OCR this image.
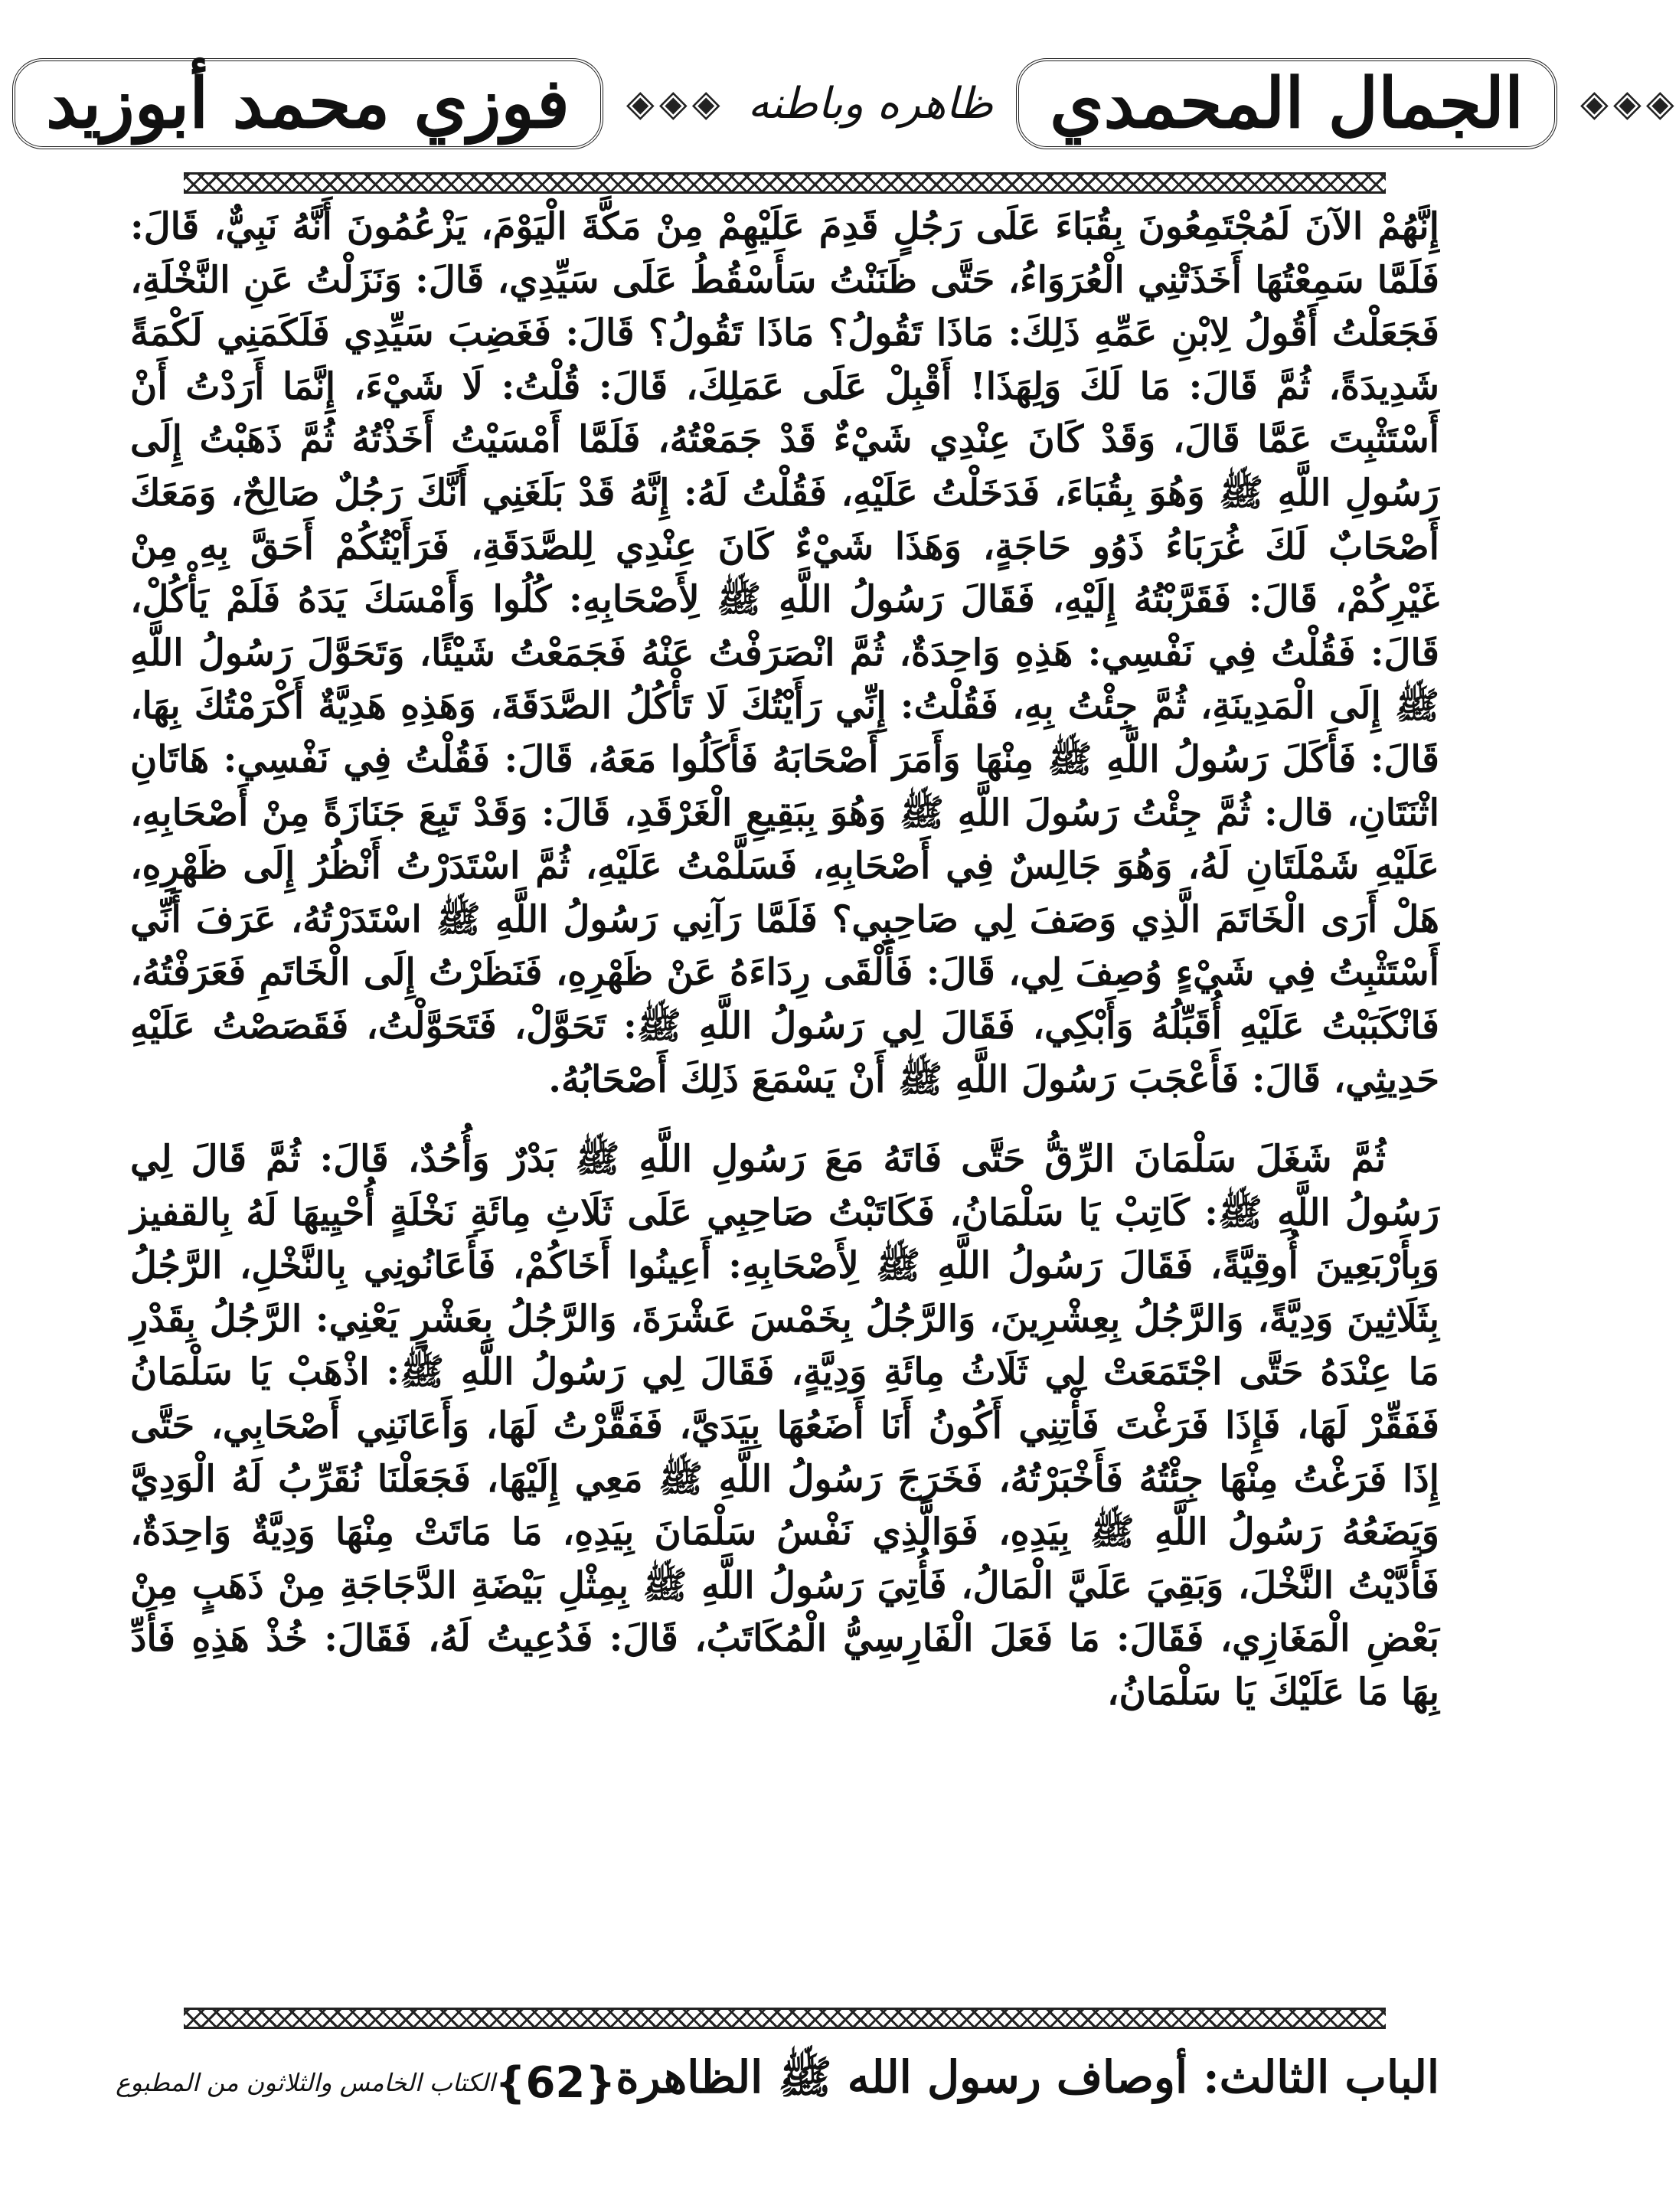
◈◈◈
الجمال المحمدي
ظاهره وباطنه
◈◈◈
فوزي محمد أبوزيد

إِنَّهُمْ الآنَ لَمُجْتَمِعُونَ بِقُبَاءَ عَلَى رَجُلٍ قَدِمَ عَلَيْهِمْ مِنْ مَكَّةَ الْيَوْمَ، يَزْعُمُونَ أَنَّهُ نَبِيٌّ، قَالَ: فَلَمَّا سَمِعْتُهَا أَخَذَتْنِي الْعُرَوَاءُ، حَتَّى ظَنَنْتُ سَأَسْقُطُ عَلَى سَيِّدِي، قَالَ: وَنَزَلْتُ عَنِ النَّخْلَةِ، فَجَعَلْتُ أَقُولُ لِابْنِ عَمِّهِ ذَلِكَ: مَاذَا تَقُولُ؟ مَاذَا تَقُولُ؟ قَالَ: فَغَضِبَ سَيِّدِي فَلَكَمَنِي لَكْمَةً شَدِيدَةً، ثُمَّ قَالَ: مَا لَكَ وَلِهَذَا! أَقْبِلْ عَلَى عَمَلِكَ، قَالَ: قُلْتُ: لَا شَيْءَ، إِنَّمَا أَرَدْتُ أَنْ أَسْتَثْبِتَ عَمَّا قَالَ، وَقَدْ كَانَ عِنْدِي شَيْءٌ قَدْ جَمَعْتُهُ، فَلَمَّا أَمْسَيْتُ أَخَذْتُهُ ثُمَّ ذَهَبْتُ إِلَى رَسُولِ اللَّهِ ﷺ وَهُوَ بِقُبَاءَ، فَدَخَلْتُ عَلَيْهِ، فَقُلْتُ لَهُ: إِنَّهُ قَدْ بَلَغَنِي أَنَّكَ رَجُلٌ صَالِحٌ، وَمَعَكَ أَصْحَابٌ لَكَ غُرَبَاءُ ذَوُو حَاجَةٍ، وَهَذَا شَيْءٌ كَانَ عِنْدِي لِلصَّدَقَةِ، فَرَأَيْتُكُمْ أَحَقَّ بِهِ مِنْ غَيْرِكُمْ، قَالَ: فَقَرَّبْتُهُ إِلَيْهِ، فَقَالَ رَسُولُ اللَّهِ ﷺ لِأَصْحَابِهِ: كُلُوا وَأَمْسَكَ يَدَهُ فَلَمْ يَأْكُلْ، قَالَ: فَقُلْتُ فِي نَفْسِي: هَذِهِ وَاحِدَةٌ، ثُمَّ انْصَرَفْتُ عَنْهُ فَجَمَعْتُ شَيْئًا، وَتَحَوَّلَ رَسُولُ اللَّهِ ﷺ إِلَى الْمَدِينَةِ، ثُمَّ جِئْتُ بِهِ، فَقُلْتُ: إِنِّي رَأَيْتُكَ لَا تَأْكُلُ الصَّدَقَةَ، وَهَذِهِ هَدِيَّةٌ أَكْرَمْتُكَ بِهَا، قَالَ: فَأَكَلَ رَسُولُ اللَّهِ ﷺ مِنْهَا وَأَمَرَ أَصْحَابَهُ فَأَكَلُوا مَعَهُ، قَالَ: فَقُلْتُ فِي نَفْسِي: هَاتَانِ اثْنَتَانِ، قال: ثُمَّ جِئْتُ رَسُولَ اللَّهِ ﷺ وَهُوَ بِبَقِيعِ الْغَرْقَدِ، قَالَ: وَقَدْ تَبِعَ جَنَازَةً مِنْ أَصْحَابِهِ، عَلَيْهِ شَمْلَتَانِ لَهُ، وَهُوَ جَالِسٌ فِي أَصْحَابِهِ، فَسَلَّمْتُ عَلَيْهِ، ثُمَّ اسْتَدَرْتُ أَنْظُرُ إِلَى ظَهْرِهِ، هَلْ أَرَى الْخَاتَمَ الَّذِي وَصَفَ لِي صَاحِبِي؟ فَلَمَّا رَآنِي رَسُولُ اللَّهِ ﷺ اسْتَدَرْتُهُ، عَرَفَ أَنِّي أَسْتَثْبِتُ فِي شَيْءٍ وُصِفَ لِي، قَالَ: فَأَلْقَى رِدَاءَهُ عَنْ ظَهْرِهِ، فَنَظَرْتُ إِلَى الْخَاتَمِ فَعَرَفْتُهُ، فَانْكَبَبْتُ عَلَيْهِ أُقَبِّلُهُ وَأَبْكِي، فَقَالَ لِي رَسُولُ اللَّهِ ﷺ: تَحَوَّلْ، فَتَحَوَّلْتُ، فَقَصَصْتُ عَلَيْهِ حَدِيثِي، قَالَ: فَأَعْجَبَ رَسُولَ اللَّهِ ﷺ أَنْ يَسْمَعَ ذَلِكَ أَصْحَابُهُ.

ثُمَّ شَغَلَ سَلْمَانَ الرِّقُّ حَتَّى فَاتَهُ مَعَ رَسُولِ اللَّهِ ﷺ بَدْرٌ وَأُحُدٌ، قَالَ: ثُمَّ قَالَ لِي رَسُولُ اللَّهِ ﷺ: كَاتِبْ يَا سَلْمَانُ، فَكَاتَبْتُ صَاحِبِي عَلَى ثَلَاثِ مِائَةِ نَخْلَةٍ أُحْيِيهَا لَهُ بِالقفيز وَبِأَرْبَعِينَ أُوقِيَّةً، فَقَالَ رَسُولُ اللَّهِ ﷺ لِأَصْحَابِهِ: أَعِينُوا أَخَاكُمْ، فَأَعَانُونِي بِالنَّخْلِ، الرَّجُلُ بِثَلَاثِينَ وَدِيَّةً، وَالرَّجُلُ بِعِشْرِينَ، وَالرَّجُلُ بِخَمْسَ عَشْرَةَ، وَالرَّجُلُ بِعَشْرٍ يَعْنِي: الرَّجُلُ بِقَدْرِ مَا عِنْدَهُ حَتَّى اجْتَمَعَتْ لِي ثَلَاثُ مِائَةِ وَدِيَّةٍ، فَقَالَ لِي رَسُولُ اللَّهِ ﷺ: اذْهَبْ يَا سَلْمَانُ فَفَقِّرْ لَهَا، فَإِذَا فَرَغْتَ فَأْتِنِي أَكُونُ أَنَا أَضَعُهَا بِيَدَيَّ، فَفَقَّرْتُ لَهَا، وَأَعَانَنِي أَصْحَابِي، حَتَّى إِذَا فَرَغْتُ مِنْهَا جِئْتُهُ فَأَخْبَرْتُهُ، فَخَرَجَ رَسُولُ اللَّهِ ﷺ مَعِي إِلَيْهَا، فَجَعَلْنَا نُقَرِّبُ لَهُ الْوَدِيَّ وَيَضَعُهُ رَسُولُ اللَّهِ ﷺ بِيَدِهِ، فَوَالَّذِي نَفْسُ سَلْمَانَ بِيَدِهِ، مَا مَاتَتْ مِنْهَا وَدِيَّةٌ وَاحِدَةٌ، فَأَدَّيْتُ النَّخْلَ، وَبَقِيَ عَلَيَّ الْمَالُ، فَأُتِيَ رَسُولُ اللَّهِ ﷺ بِمِثْلِ بَيْضَةِ الدَّجَاجَةِ مِنْ ذَهَبٍ مِنْ بَعْضِ الْمَغَازِي، فَقَالَ: مَا فَعَلَ الْفَارِسِيُّ الْمُكَاتَبُ، قَالَ: فَدُعِيتُ لَهُ، فَقَالَ: خُذْ هَذِهِ فَأَدِّ بِهَا مَا عَلَيْكَ يَا سَلْمَانُ،

الباب الثالث: أوصاف رسول الله ﷺ الظاهرة
{62}
الكتاب الخامس والثلاثون من المطبوع
